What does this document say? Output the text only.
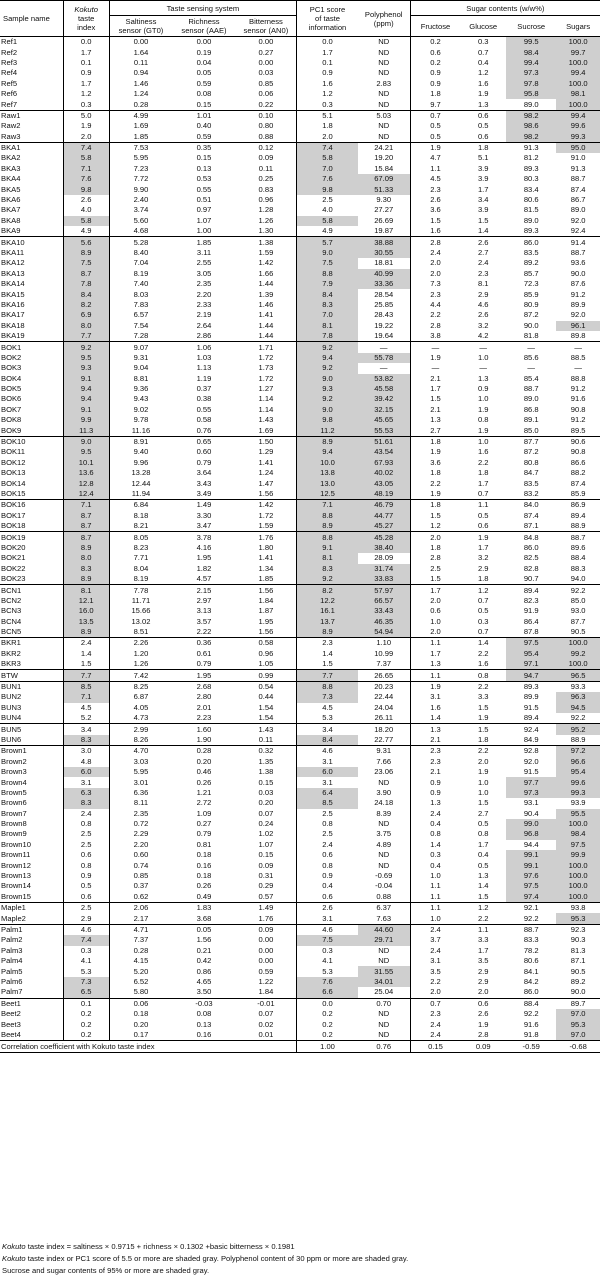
Sample name	Kokuto
taste
index	Taste sensing system			PC1 score
of taste
information	Polyphenol
(ppm)	Sugar contents (w/w%)			
		Saltiness
sensor (GT0)	Richness
sensor (AAE)	Bitterness
sensor (AN0)			Fructose	Glucose	Sucrose	Sugars
Ref1	0.0	0.00	0.00	0.00	0.0	ND	0.2	0.3	99.5	100.0
Ref2	1.7	1.64	0.19	0.27	1.7	ND	0.6	0.7	98.4	99.7
Ref3	0.1	0.11	0.04	0.00	0.1	ND	0.2	0.4	99.4	100.0
Ref4	0.9	0.94	0.05	0.03	0.9	ND	0.9	1.2	97.3	99.4
Ref5	1.7	1.46	0.59	0.85	1.6	2.83	0.9	1.6	97.8	100.0
Ref6	1.2	1.24	0.08	0.06	1.2	ND	1.8	1.9	95.8	98.1
Ref7	0.3	0.28	0.15	0.22	0.3	ND	9.7	1.3	89.0	100.0
Raw1	5.0	4.99	1.01	0.10	5.1	5.03	0.7	0.6	98.2	99.4
Raw2	1.9	1.69	0.40	0.80	1.8	ND	0.5	0.5	98.6	99.6
Raw3	2.0	1.85	0.59	0.88	2.0	ND	0.5	0.6	98.2	99.3
BKA1	7.4	7.53	0.35	0.12	7.4	24.21	1.9	1.8	91.3	95.0
BKA2	5.8	5.95	0.15	0.09	5.8	19.20	4.7	5.1	81.2	91.0
BKA3	7.1	7.23	0.13	0.11	7.0	15.84	1.1	3.9	89.3	91.3
BKA4	7.6	7.72	0.53	0.25	7.6	67.09	4.5	3.9	80.3	88.7
BKA5	9.8	9.90	0.55	0.83	9.8	51.33	2.3	1.7	83.4	87.4
BKA6	2.6	2.40	0.51	0.96	2.5	9.30	2.6	3.4	80.6	86.7
BKA7	4.0	3.74	0.97	1.28	4.0	27.27	3.6	3.9	81.5	89.0
BKA8	5.8	5.60	1.07	1.26	5.8	26.69	1.5	1.5	89.0	92.0
BKA9	4.9	4.68	1.00	1.30	4.9	19.87	1.6	1.4	89.3	92.4
BKA10	5.6	5.28	1.85	1.38	5.7	38.88	2.8	2.6	86.0	91.4
BKA11	8.9	8.40	3.11	1.59	9.0	30.55	2.4	2.7	83.5	88.7
BKA12	7.5	7.04	2.55	1.42	7.5	18.81	2.0	2.4	89.2	93.6
BKA13	8.7	8.19	3.05	1.66	8.8	40.99	2.0	2.3	85.7	90.0
BKA14	7.8	7.40	2.35	1.44	7.9	33.36	7.3	8.1	72.3	87.6
BKA15	8.4	8.03	2.20	1.39	8.4	28.54	2.3	2.9	85.9	91.2
BKA16	8.2	7.83	2.33	1.46	8.3	25.85	4.4	4.6	80.9	89.9
BKA17	6.9	6.57	2.19	1.41	7.0	28.43	2.2	2.6	87.2	92.0
BKA18	8.0	7.54	2.64	1.44	8.1	19.22	2.8	3.2	90.0	96.1
BKA19	7.7	7.28	2.86	1.44	7.8	19.64	3.8	4.2	81.8	89.8
BOK1	9.2	9.07	1.06	1.71	9.2	—	—	—	—	—
BOK2	9.5	9.31	1.03	1.72	9.4	55.78	1.9	1.0	85.6	88.5
BOK3	9.3	9.04	1.13	1.73	9.2	—	—	—	—	—
BOK4	9.1	8.81	1.19	1.72	9.0	53.82	2.1	1.3	85.4	88.8
BOK5	9.4	9.36	0.37	1.27	9.3	45.58	1.7	0.9	88.7	91.2
BOK6	9.4	9.43	0.38	1.14	9.2	39.42	1.5	1.0	89.0	91.6
BOK7	9.1	9.02	0.55	1.14	9.0	32.15	2.1	1.9	86.8	90.8
BOK8	9.9	9.78	0.58	1.43	9.8	45.65	1.3	0.8	89.1	91.2
BOK9	11.3	11.16	0.76	1.69	11.2	55.53	2.7	1.9	85.0	89.5
BOK10	9.0	8.91	0.65	1.50	8.9	51.61	1.8	1.0	87.7	90.6
BOK11	9.5	9.40	0.60	1.29	9.4	43.54	1.9	1.6	87.2	90.8
BOK12	10.1	9.96	0.79	1.41	10.0	67.93	3.6	2.2	80.8	86.6
BOK13	13.6	13.28	3.64	1.24	13.8	40.02	1.8	1.8	84.7	88.2
BOK14	12.8	12.44	3.43	1.47	13.0	43.05	2.2	1.7	83.5	87.4
BOK15	12.4	11.94	3.49	1.56	12.5	48.19	1.9	0.7	83.2	85.9
BOK16	7.1	6.84	1.49	1.42	7.1	46.79	1.8	1.1	84.0	86.9
BOK17	8.7	8.18	3.30	1.72	8.8	44.77	1.5	0.5	87.4	89.4
BOK18	8.7	8.21	3.47	1.59	8.9	45.27	1.2	0.6	87.1	88.9
BOK19	8.7	8.05	3.78	1.76	8.8	45.28	2.0	1.9	84.8	88.7
BOK20	8.9	8.23	4.16	1.80	9.1	38.40	1.8	1.7	86.0	89.6
BOK21	8.0	7.71	1.95	1.41	8.1	28.09	2.8	3.2	82.5	88.4
BOK22	8.3	8.04	1.82	1.34	8.3	31.74	2.5	2.9	82.8	88.3
BOK23	8.9	8.19	4.57	1.85	9.2	33.83	1.5	1.8	90.7	94.0
BCN1	8.1	7.78	2.15	1.56	8.2	57.97	1.7	1.2	89.4	92.2
BCN2	12.1	11.71	2.97	1.84	12.2	66.57	2.0	0.7	82.3	85.0
BCN3	16.0	15.66	3.13	1.87	16.1	33.43	0.6	0.5	91.9	93.0
BCN4	13.5	13.02	3.57	1.95	13.7	46.35	1.0	0.3	86.4	87.7
BCN5	8.9	8.51	2.22	1.56	8.9	54.94	2.0	0.7	87.8	90.5
BKR1	2.4	2.26	0.36	0.58	2.3	1.10	1.1	1.4	97.5	100.0
BKR2	1.4	1.20	0.61	0.96	1.4	10.99	1.7	2.2	95.4	99.2
BKR3	1.5	1.26	0.79	1.05	1.5	7.37	1.3	1.6	97.1	100.0
BTW	7.7	7.42	1.95	0.99	7.7	26.65	1.1	0.8	94.7	96.5
BUN1	8.5	8.25	2.68	0.54	8.8	20.23	1.9	2.2	89.3	93.3
BUN2	7.1	6.87	2.80	0.44	7.3	22.44	3.1	3.3	89.9	96.3
BUN3	4.5	4.05	2.01	1.54	4.5	24.04	1.6	1.5	91.5	94.5
BUN4	5.2	4.73	2.23	1.54	5.3	26.11	1.4	1.9	89.4	92.2
BUN5	3.4	2.99	1.60	1.43	3.4	18.20	1.3	1.5	92.4	95.2
BUN6	8.3	8.26	1.90	0.11	8.4	22.77	2.1	1.8	84.9	88.9
Brown1	3.0	4.70	0.28	0.32	4.6	9.31	2.3	2.2	92.8	97.2
Brown2	4.8	3.03	0.20	1.35	3.1	7.66	2.3	2.0	92.0	96.6
Brown3	6.0	5.95	0.46	1.38	6.0	23.06	2.1	1.9	91.5	95.4
Brown4	3.1	3.01	0.26	0.15	3.1	ND	0.9	1.0	97.7	99.6
Brown5	6.3	6.36	1.21	0.03	6.4	3.90	0.9	1.0	97.3	99.3
Brown6	8.3	8.11	2.72	0.20	8.5	24.18	1.3	1.5	93.1	93.9
Brown7	2.4	2.35	1.09	0.07	2.5	8.39	2.4	2.7	90.4	95.5
Brown8	0.8	0.72	0.27	0.24	0.8	ND	0.4	0.5	99.0	100.0
Brown9	2.5	2.29	0.79	1.02	2.5	3.75	0.8	0.8	96.8	98.4
Brown10	2.5	2.20	0.81	1.07	2.4	4.89	1.4	1.7	94.4	97.5
Brown11	0.6	0.60	0.18	0.15	0.6	ND	0.3	0.4	99.1	99.9
Brown12	0.8	0.74	0.16	0.09	0.8	ND	0.4	0.5	99.1	100.0
Brown13	0.9	0.85	0.18	0.31	0.9	-0.69	1.0	1.3	97.6	100.0
Brown14	0.5	0.37	0.26	0.29	0.4	-0.04	1.1	1.4	97.5	100.0
Brown15	0.6	0.62	0.49	0.57	0.6	0.88	1.1	1.5	97.4	100.0
Maple1	2.5	2.06	1.83	1.49	2.6	6.37	1.1	1.2	92.1	93.8
Maple2	2.9	2.17	3.68	1.76	3.1	7.63	1.0	2.2	92.2	95.3
Palm1	4.6	4.71	0.05	0.09	4.6	44.60	2.4	1.1	88.7	92.3
Palm2	7.4	7.37	1.56	0.00	7.5	29.71	3.7	3.3	83.3	90.3
Palm3	0.3	0.28	0.21	0.00	0.3	ND	2.4	1.7	78.2	81.3
Palm4	4.1	4.15	0.42	0.00	4.1	ND	3.1	3.5	80.6	87.1
Palm5	5.3	5.20	0.86	0.59	5.3	31.55	3.5	2.9	84.1	90.5
Palm6	7.3	6.52	4.65	1.22	7.6	34.01	2.2	2.9	84.2	89.2
Palm7	6.5	5.80	3.50	1.84	6.6	25.04	2.0	2.0	86.0	90.0
Beet1	0.1	0.06	-0.03	-0.01	0.0	0.70	0.7	0.6	88.4	89.7
Beet2	0.2	0.18	0.08	0.07	0.2	ND	2.3	2.6	92.2	97.0
Beet3	0.2	0.20	0.13	0.02	0.2	ND	2.4	1.9	91.6	95.3
Beet4	0.2	0.17	0.16	0.01	0.2	ND	2.4	2.8	91.8	97.0
Correlation coefficient with Kokuto taste index					1.00	0.76	0.15	0.09	-0.59	-0.68
Kokuto taste index = saltiness × 0.9715 + richness × 0.1302 +basic bitterness × 0.1981
Kokuto taste index or PC1 score of 5.5 or more are shaded gray. Polyphenol content of 30 ppm or more are shaded gray.
Sucrose and sugar contents of 95% or more are shaded gray.
